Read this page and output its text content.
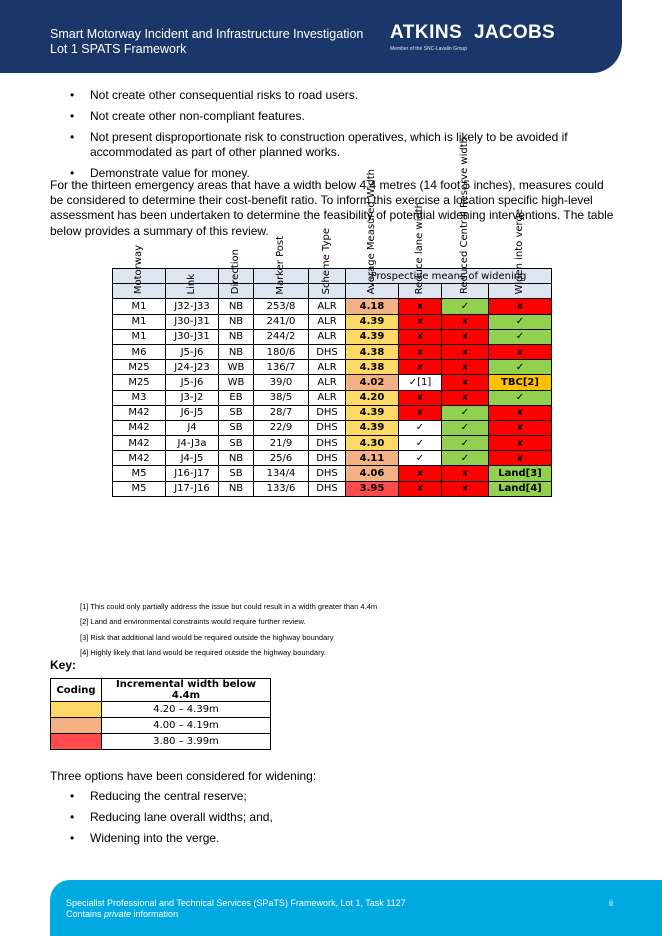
Smart Motorway Incident and Infrastructure Investigation
Lot 1 SPATS Framework
ATKINS
Member of the SNC-Lavalin Group
JACOBS
• Not create other consequential risks to road users.
• Not create other non-compliant features.
• Not present disproportionate risk to construction operatives, which is likely to be avoided if accommodated as part of other planned works.
• Demonstrate value for money.
For the thirteen emergency areas that have a width below 4.4 metres (14 foot 5 inches), measures could be considered to determine their cost-benefit ratio. To inform this exercise a location specific high-level assessment has been undertaken to determine the feasibility of potential widening interventions. The table below provides a summary of this review.
					Prospective means of widening			

Motorway	Link	Direction	Marker Post	Scheme Type	Average Measured Width	Reduce lane width	Reduced Central Reserve width	Widen into verge

M1	J32-J33	NB	253/8	ALR	4.18	✘	✓	✘
M1	J30-J31	NB	241/0	ALR	4.39	✘	✘	✓
M1	J30-J31	NB	244/2	ALR	4.39	✘	✘	✓
M6	J5-J6	NB	180/6	DHS	4.38	✘	✘	✘
M25	J24-J23	WB	136/7	ALR	4.38	✘	✘	✓
M25	J5-J6	WB	39/0	ALR	4.02	✓[1]	✘	TBC[2]
M3	J3-J2	EB	38/5	ALR	4.20	✘	✘	✓
M42	J6-J5	SB	28/7	DHS	4.39	✘	✓	✘
M42	J4	SB	22/9	DHS	4.39	✓	✓	✘
M42	J4-J3a	SB	21/9	DHS	4.30	✓	✓	✘
M42	J4-J5	NB	25/6	DHS	4.11	✓	✓	✘
M5	J16-J17	SB	134/4	DHS	4.06	✘	✘	Land[3]
M5	J17-J16	NB	133/6	DHS	3.95	✘	✘	Land[4]
[1] This could only partially address the issue but could result in a width greater than 4.4m
[2] Land and environmental constraints would require further review.
[3] Risk that additional land would be required outside the highway boundary
[4] Highly likely that land would be required outside the highway boundary.
Key:
Coding	Incremental width below 4.4m
	4.20 – 4.39m
	4.00 – 4.19m
	3.80 – 3.99m
Three options have been considered for widening:
• Reducing the central reserve;
• Reducing lane overall widths; and,
• Widening into the verge.
Specialist Professional and Technical Services (SPaTS) Framework, Lot 1, Task 1127
Contains private information
ii
